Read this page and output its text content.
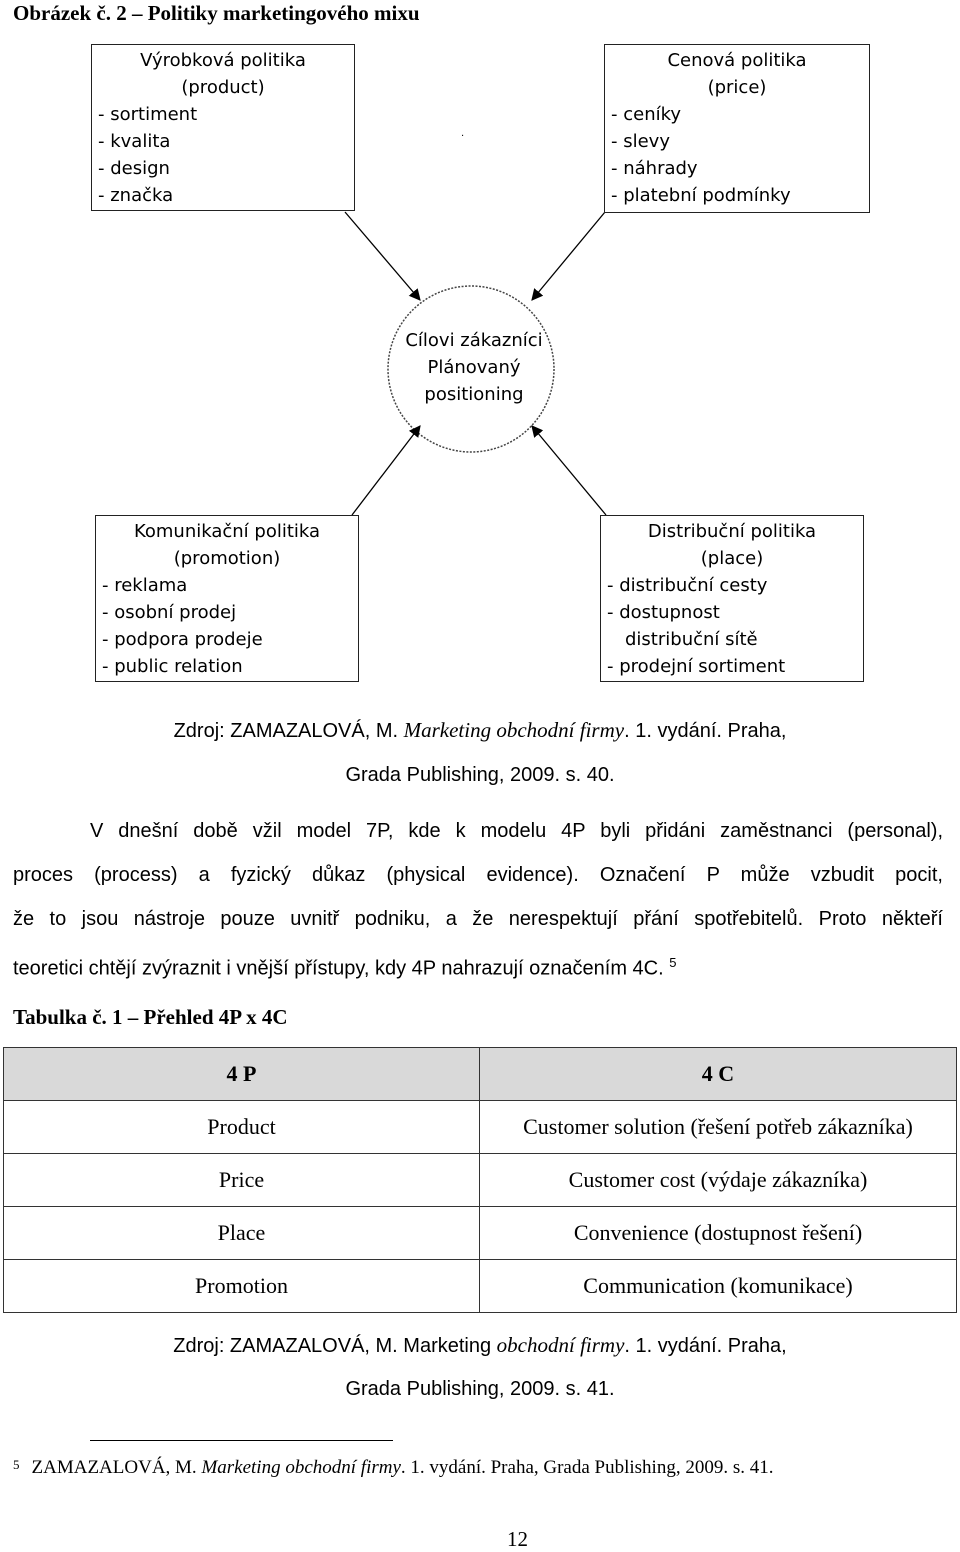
Obrázek č. 2 – Politiky marketingového mixu
.
Výrobková politika
(product)
- sortiment
- kvalita
- design
- značka
Cenová politika
(price)
- ceníky
- slevy
- náhrady
- platební podmínky
Cílovi zákazníci
Plánovaný
positioning
Komunikační politika
(promotion)
- reklama
- osobní prodej
- podpora prodeje
- public relation
Distribuční politika
(place)
- distribuční cesty
- dostupnost
distribuční sítě
- prodejní sortiment
Zdroj: ZAMAZALOVÁ, M. Marketing obchodní firmy. 1. vydání. Praha,
Grada Publishing, 2009. s. 40.
V dnešní době vžil model 7P, kde k modelu 4P byli přidáni zaměstnanci (personal),
proces (process) a fyzický důkaz (physical evidence). Označení P může vzbudit pocit,
že to jsou nástroje pouze uvnitř podniku, a že nerespektují přání spotřebitelů. Proto někteří
teoretici chtějí zvýraznit i vnější přístupy, kdy 4P nahrazují označením 4C. $^5$
Tabulka č. 1 – Přehled 4P x 4C
4 P	4 C
Product	Customer solution (řešení potřeb zákazníka)
Price	Customer cost (výdaje zákazníka)
Place	Convenience (dostupnost řešení)
Promotion	Communication (komunikace)
Zdroj: ZAMAZALOVÁ, M. Marketing obchodní firmy. 1. vydání. Praha,
Grada Publishing, 2009. s. 41.
$^5$ ZAMAZALOVÁ, M. Marketing obchodní firmy. 1. vydání. Praha, Grada Publishing, 2009. s. 41.
12
